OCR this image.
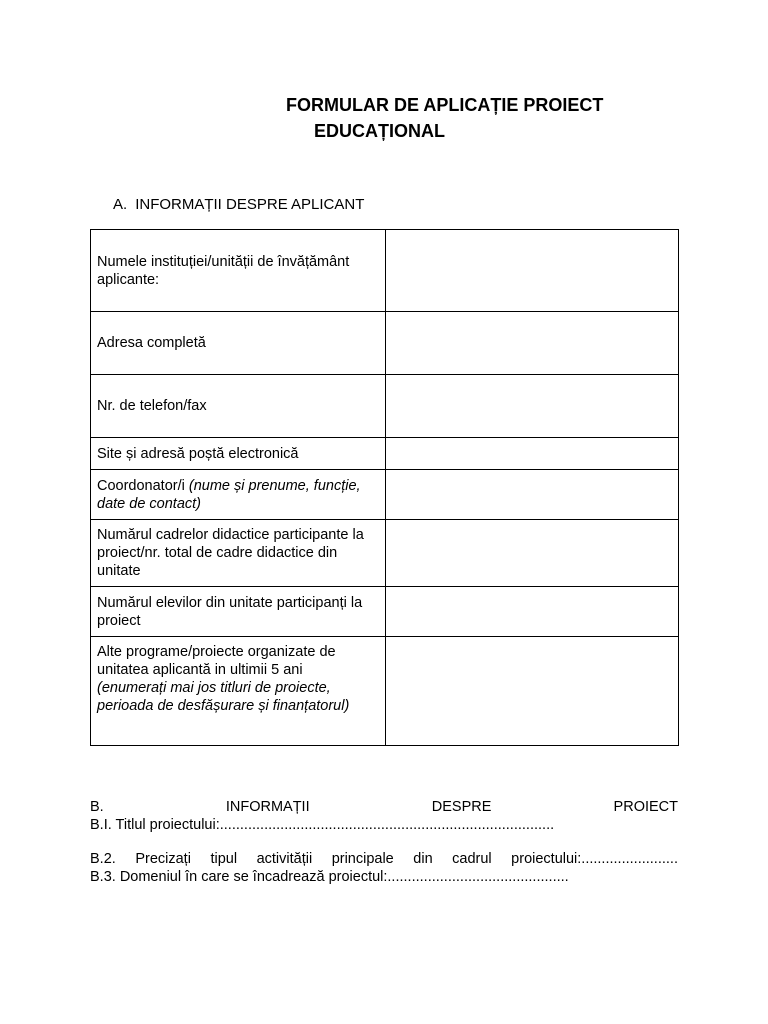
FORMULAR DE APLICAȚIE PROIECT
EDUCAȚIONAL
A. INFORMAȚII DESPRE APLICANT
Numele instituției/unității de învățământ aplicante:	
Adresa completă	
Nr. de telefon/fax	
Site și adresă poștă electronică	
Coordonator/i (nume și prenume, funcție, date de contact)	
Numărul cadrelor didactice participante la proiect/nr. total de cadre didactice din unitate	
Numărul elevilor din unitate participanți la proiect	
Alte programe/proiecte organizate de unitatea aplicantă in ultimii 5 ani
(enumerați mai jos titluri de proiecte, perioada de desfășurare și finanțatorul)	
B.	INFORMAȚII	DESPRE	PROIECT
B.I. Titlul proiectului:...................................................................................
B.2. Precizați tipul activității principale din cadrul proiectului:........................
B.3. Domeniul în care se încadrează proiectul:.............................................
